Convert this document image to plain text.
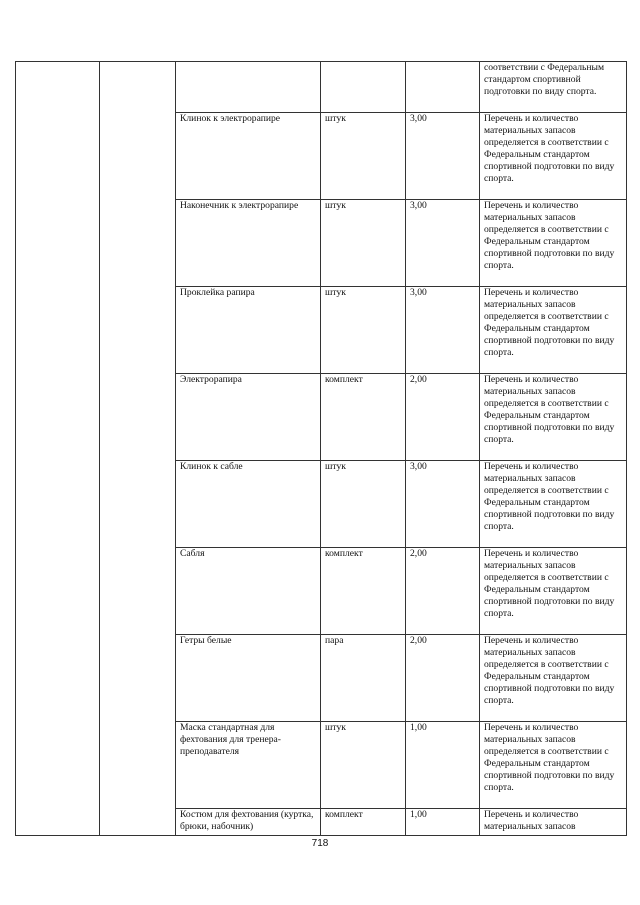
					соответствии с Федеральным стандартом спортивной подготовки по виду спорта.
		Клинок к электрорапире	штук	3,00	Перечень и количество материальных запасов определяется в соответствии с Федеральным стандартом спортивной подготовки по виду спорта.
		Наконечник к электрорапире	штук	3,00	Перечень и количество материальных запасов определяется в соответствии с Федеральным стандартом спортивной подготовки по виду спорта.
		Проклейка рапира	штук	3,00	Перечень и количество материальных запасов определяется в соответствии с Федеральным стандартом спортивной подготовки по виду спорта.
		Электрорапира	комплект	2,00	Перечень и количество материальных запасов определяется в соответствии с Федеральным стандартом спортивной подготовки по виду спорта.
		Клинок к сабле	штук	3,00	Перечень и количество материальных запасов определяется в соответствии с Федеральным стандартом спортивной подготовки по виду спорта.
		Сабля	комплект	2,00	Перечень и количество материальных запасов определяется в соответствии с Федеральным стандартом спортивной подготовки по виду спорта.
		Гетры белые	пара	2,00	Перечень и количество материальных запасов определяется в соответствии с Федеральным стандартом спортивной подготовки по виду спорта.
		Маска стандартная для фехтования для тренера-преподавателя	штук	1,00	Перечень и количество материальных запасов определяется в соответствии с Федеральным стандартом спортивной подготовки по виду спорта.
		Костюм для фехтования (куртка, брюки, набочник)	комплект	1,00	Перечень и количество материальных запасов
718
